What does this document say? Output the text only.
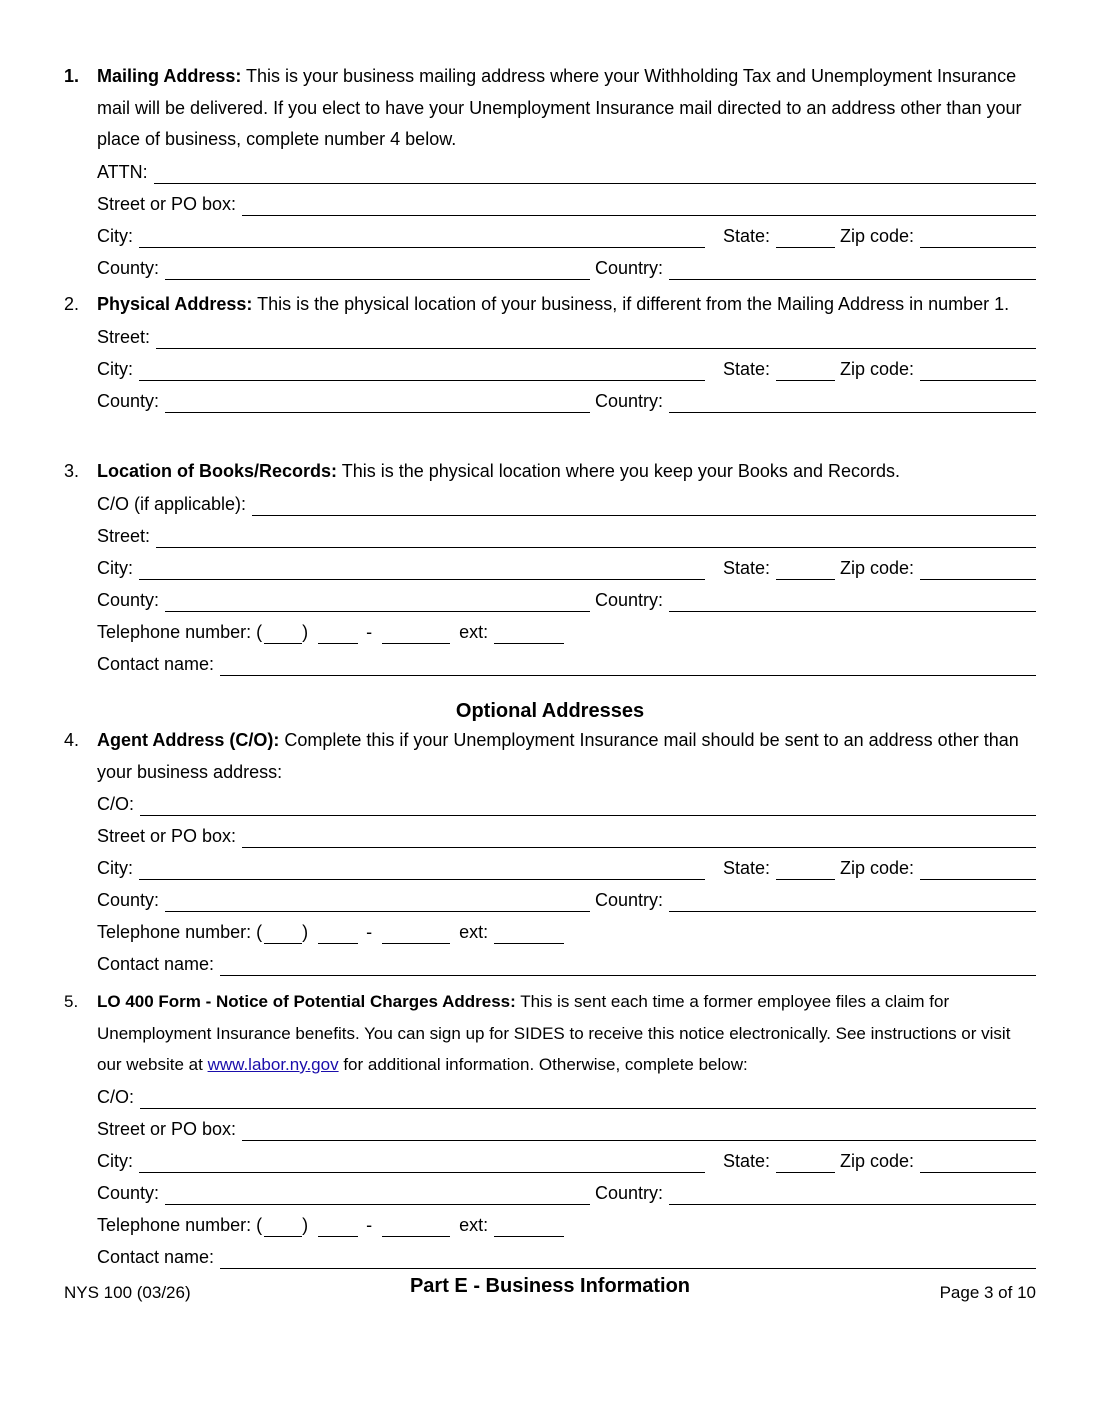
1. Mailing Address: This is your business mailing address where your Withholding Tax and Unemployment Insurance mail will be delivered. If you elect to have your Unemployment Insurance mail directed to an address other than your place of business, complete number 4 below.
ATTN:
Street or PO box:
City:	State:	Zip code:
County:	Country:
2. Physical Address: This is the physical location of your business, if different from the Mailing Address in number 1.
Street:
City:	State:	Zip code:
County:	Country:
3. Location of Books/Records: This is the physical location where you keep your Books and Records.
C/O (if applicable):
Street:
City:	State:	Zip code:
County:	Country:
Telephone number: ( )	-	ext:
Contact name:
Optional Addresses
4. Agent Address (C/O): Complete this if your Unemployment Insurance mail should be sent to an address other than your business address:
C/O:
Street or PO box:
City:	State:	Zip code:
County:	Country:
Telephone number: ( )	-	ext:
Contact name:
5. LO 400 Form - Notice of Potential Charges Address: This is sent each time a former employee files a claim for Unemployment Insurance benefits. You can sign up for SIDES to receive this notice electronically. See instructions or visit our website at www.labor.ny.gov for additional information. Otherwise, complete below:
C/O:
Street or PO box:
City:	State:	Zip code:
County:	Country:
Telephone number: ( )	-	ext:
Contact name:
Part E - Business Information
NYS 100 (03/26)	Page 3 of 10
